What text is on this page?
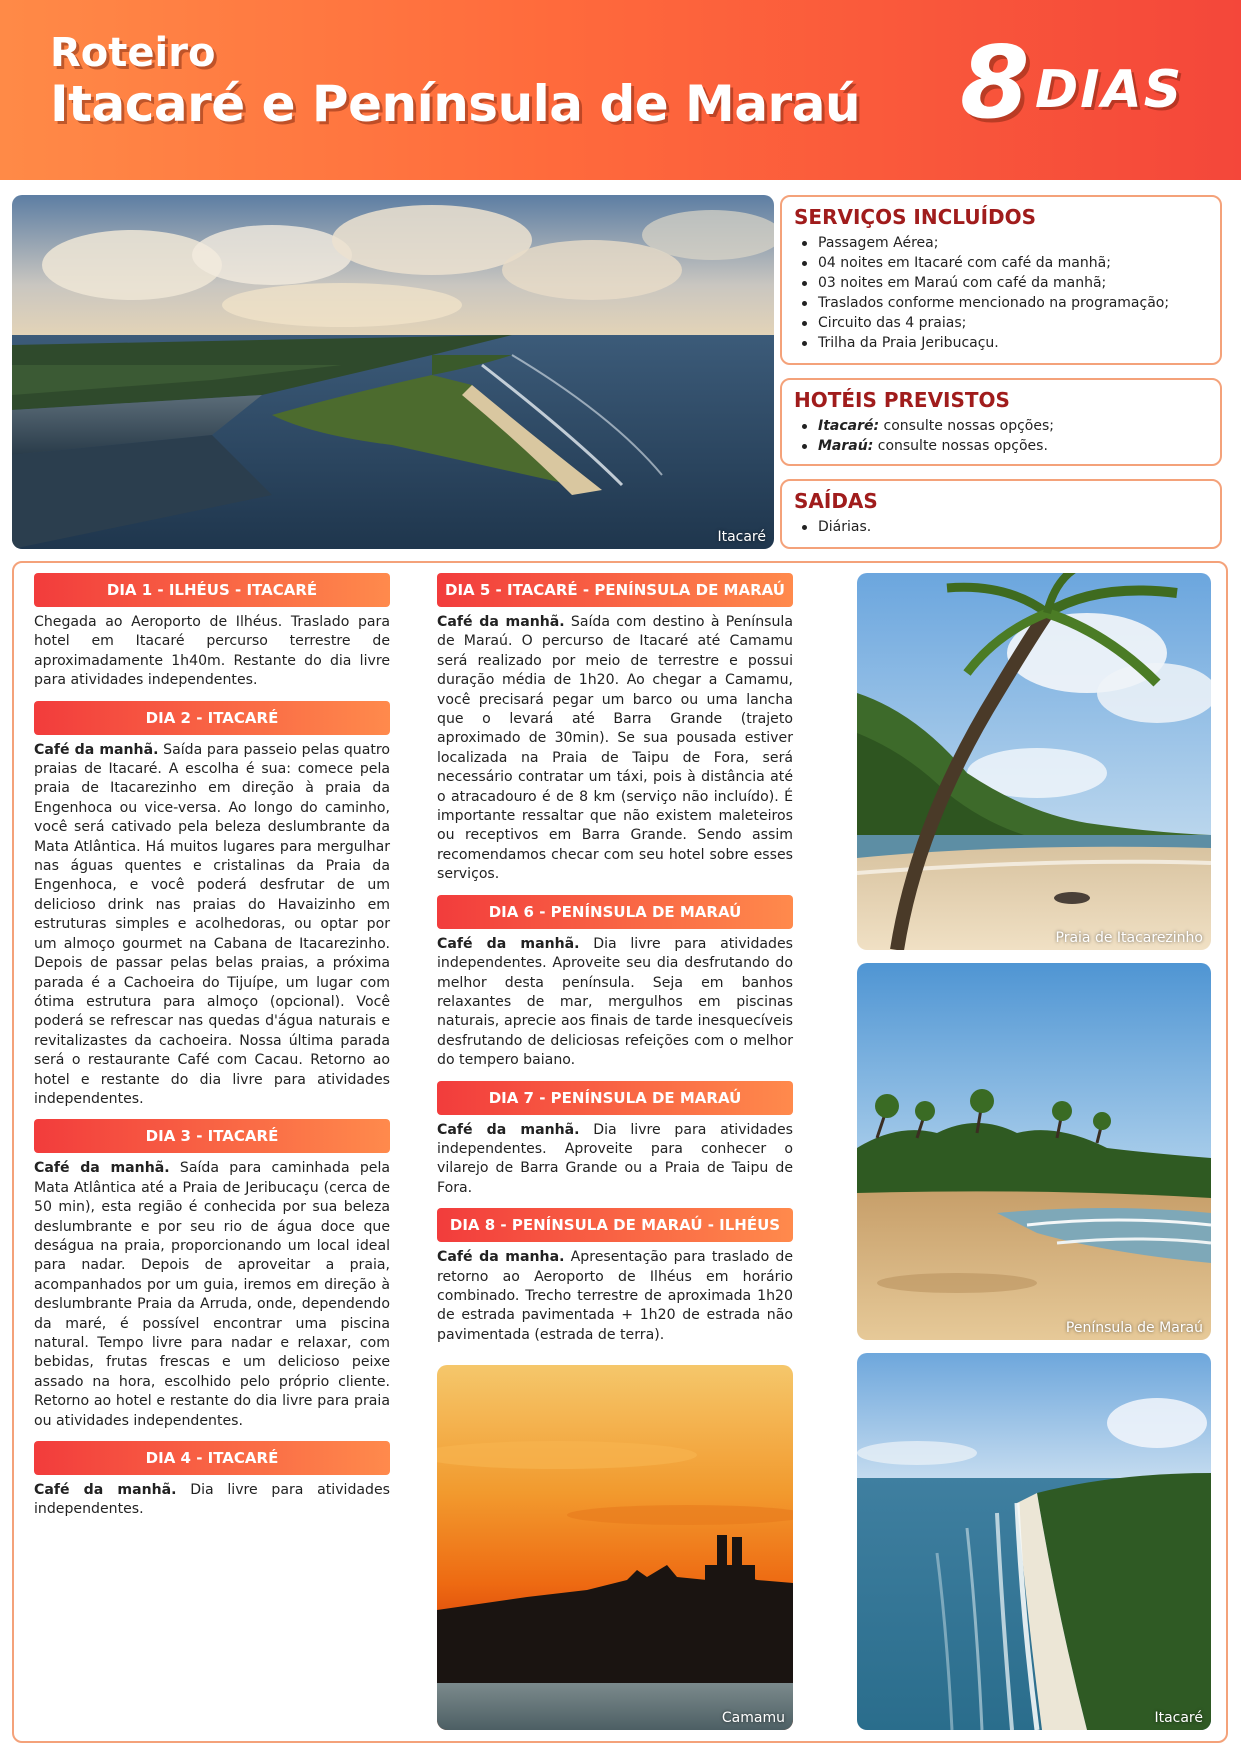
Roteiro
Itacaré e Península de Maraú 8 DIAS
Itacaré
SERVIÇOS INCLUÍDOS
Passagem Aérea;
04 noites em Itacaré com café da manhã;
03 noites em Maraú com café da manhã;
Traslados conforme mencionado na programação;
Circuito das 4 praias;
Trilha da Praia Jeribucaçu.
HOTÉIS PREVISTOS
Itacaré: consulte nossas opções;
Maraú: consulte nossas opções.
SAÍDAS
Diárias.
DIA 1 - ILHÉUS - ITACARÉ
Chegada ao Aeroporto de Ilhéus. Traslado para hotel em Itacaré percurso terrestre de aproximadamente 1h40m. Restante do dia livre para atividades independentes.
DIA 2 - ITACARÉ
Café da manhã. Saída para passeio pelas quatro praias de Itacaré. A escolha é sua: comece pela praia de Itacarezinho em direção à praia da Engenhoca ou vice-versa. Ao longo do caminho, você será cativado pela beleza deslumbrante da Mata Atlântica. Há muitos lugares para mergulhar nas águas quentes e cristalinas da Praia da Engenhoca, e você poderá desfrutar de um delicioso drink nas praias do Havaizinho em estruturas simples e acolhedoras, ou optar por um almoço gourmet na Cabana de Itacarezinho. Depois de passar pelas belas praias, a próxima parada é a Cachoeira do Tijuípe, um lugar com ótima estrutura para almoço (opcional). Você poderá se refrescar nas quedas d'água naturais e revitalizastes da cachoeira. Nossa última parada será o restaurante Café com Cacau. Retorno ao hotel e restante do dia livre para atividades independentes.
DIA 3 - ITACARÉ
Café da manhã. Saída para caminhada pela Mata Atlântica até a Praia de Jeribucaçu (cerca de 50 min), esta região é conhecida por sua beleza deslumbrante e por seu rio de água doce que deságua na praia, proporcionando um local ideal para nadar. Depois de aproveitar a praia, acompanhados por um guia, iremos em direção à deslumbrante Praia da Arruda, onde, dependendo da maré, é possível encontrar uma piscina natural. Tempo livre para nadar e relaxar, com bebidas, frutas frescas e um delicioso peixe assado na hora, escolhido pelo próprio cliente. Retorno ao hotel e restante do dia livre para praia ou atividades independentes.
DIA 4 - ITACARÉ
Café da manhã. Dia livre para atividades independentes.
DIA 5 - ITACARÉ - PENÍNSULA DE MARAÚ
Café da manhã. Saída com destino à Península de Maraú. O percurso de Itacaré até Camamu será realizado por meio de terrestre e possui duração média de 1h20. Ao chegar a Camamu, você precisará pegar um barco ou uma lancha que o levará até Barra Grande (trajeto aproximado de 30min). Se sua pousada estiver localizada na Praia de Taipu de Fora, será necessário contratar um táxi, pois à distância até o atracadouro é de 8 km (serviço não incluído). É importante ressaltar que não existem maleteiros ou receptivos em Barra Grande. Sendo assim recomendamos checar com seu hotel sobre esses serviços.
DIA 6 - PENÍNSULA DE MARAÚ
Café da manhã. Dia livre para atividades independentes. Aproveite seu dia desfrutando do melhor desta península. Seja em banhos relaxantes de mar, mergulhos em piscinas naturais, aprecie aos finais de tarde inesquecíveis desfrutando de deliciosas refeições com o melhor do tempero baiano.
DIA 7 - PENÍNSULA DE MARAÚ
Café da manhã. Dia livre para atividades independentes. Aproveite para conhecer o vilarejo de Barra Grande ou a Praia de Taipu de Fora.
DIA 8 - PENÍNSULA DE MARAÚ - ILHÉUS
Café da manha. Apresentação para traslado de retorno ao Aeroporto de Ilhéus em horário combinado. Trecho terrestre de aproximada 1h20 de estrada pavimentada + 1h20 de estrada não pavimentada (estrada de terra).
Camamu
Praia de Itacarezinho
Península de Maraú
Itacaré
